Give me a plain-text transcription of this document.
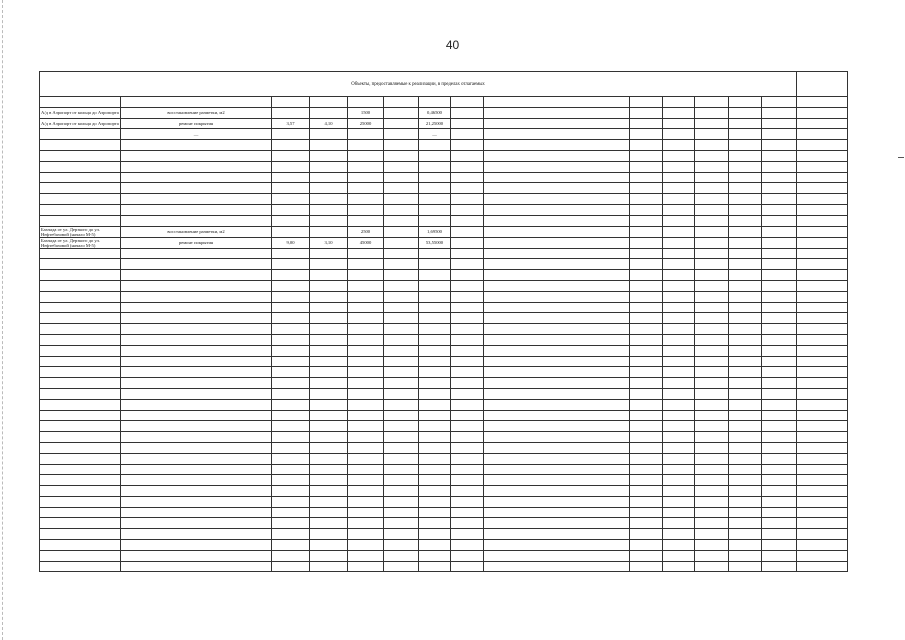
40
Объекты, предоставляемые к реализации, в пределах отлагаемых														

А/д в Аэропорт от кольца до Аэропорта	восстановление разметки, м2			1500		0,46500								
А/д в Аэропорт от кольца до Аэропорта	ремонт покрытия	3,57	4,10	25000		21,25000								
	—					—								

Бахчада от ул. Дерзкого до ул. Нефтебазовой (начало М-5)	восстановление разметки, м2			2500		1,69500								
Бахчада от ул. Дерзкого до ул. Нефтебазовой (начало М-5)	ремонт покрытия	9,00	3,10	45000		53,55000								
